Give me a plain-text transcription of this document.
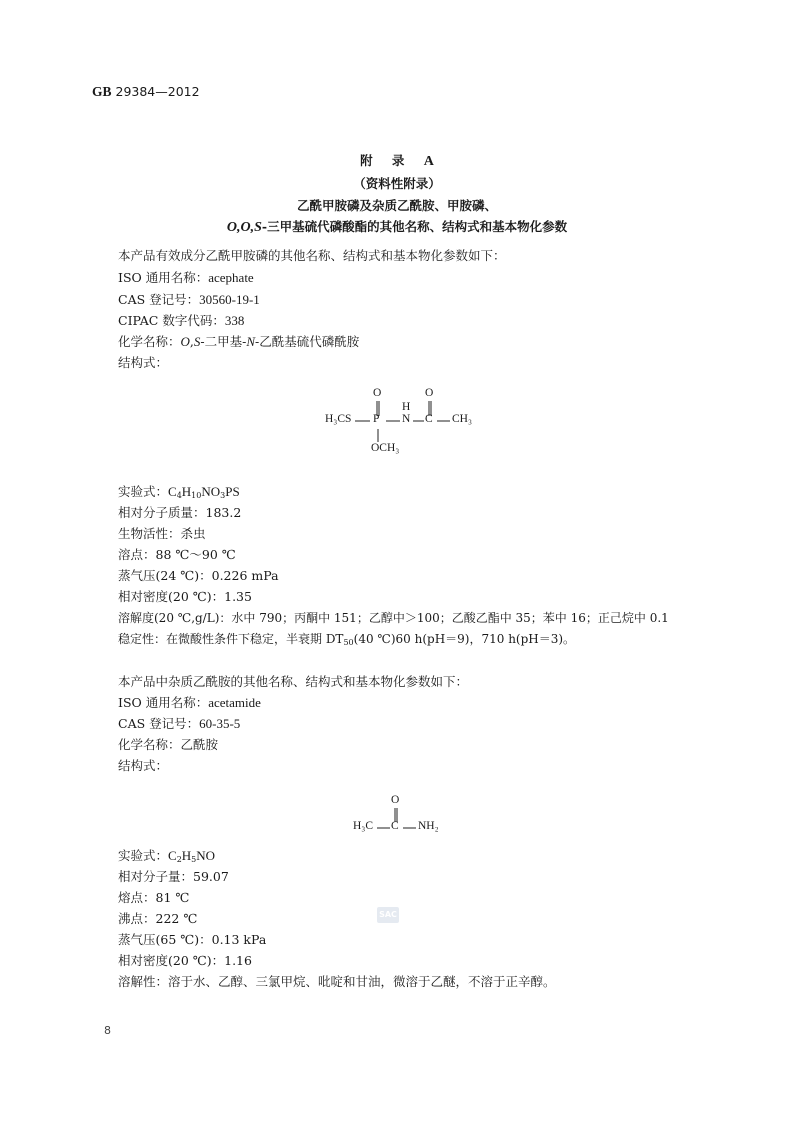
GB 29384—2012
附 录 A
（资料性附录）
乙酰甲胺磷及杂质乙酰胺、甲胺磷、
O,O,S-三甲基硫代磷酸酯的其他名称、结构式和基本物化参数
本产品有效成分乙酰甲胺磷的其他名称、结构式和基本物化参数如下：
ISO 通用名称：acephate
CAS 登记号：30560-19-1
CIPAC 数字代码：338
化学名称：O,S-二甲基-N-乙酰基硫代磷酰胺
结构式：
O	O
H
H₃CS P N C CH₃
OCH₃
实验式：$C_4H_{10}NO_3PS$
相对分子质量：183.2
生物活性：杀虫
溶点：88 ℃～90 ℃
蒸气压(24 ℃)：0.226 mPa
相对密度(20 ℃)：1.35
溶解度(20 ℃,g/L)：水中 790；丙酮中 151；乙醇中＞100；乙酸乙酯中 35；苯中 16；正己烷中 0.1
稳定性：在微酸性条件下稳定，半衰期 $DT_{50}(40$ ℃)60 h(pH＝9)，710 h(pH＝3)。
本产品中杂质乙酰胺的其他名称、结构式和基本物化参数如下：
ISO 通用名称：acetamide
CAS 登记号：60-35-5
化学名称：乙酰胺
结构式：
O
H₃C C NH₂
实验式：$C_2H_5NO$
相对分子量：59.07
熔点：81 ℃
沸点：222 ℃
蒸气压(65 ℃)：0.13 kPa
相对密度(20 ℃)：1.16
溶解性：溶于水、乙醇、三氯甲烷、吡啶和甘油，微溶于乙醚，不溶于正辛醇。
SAC
8
